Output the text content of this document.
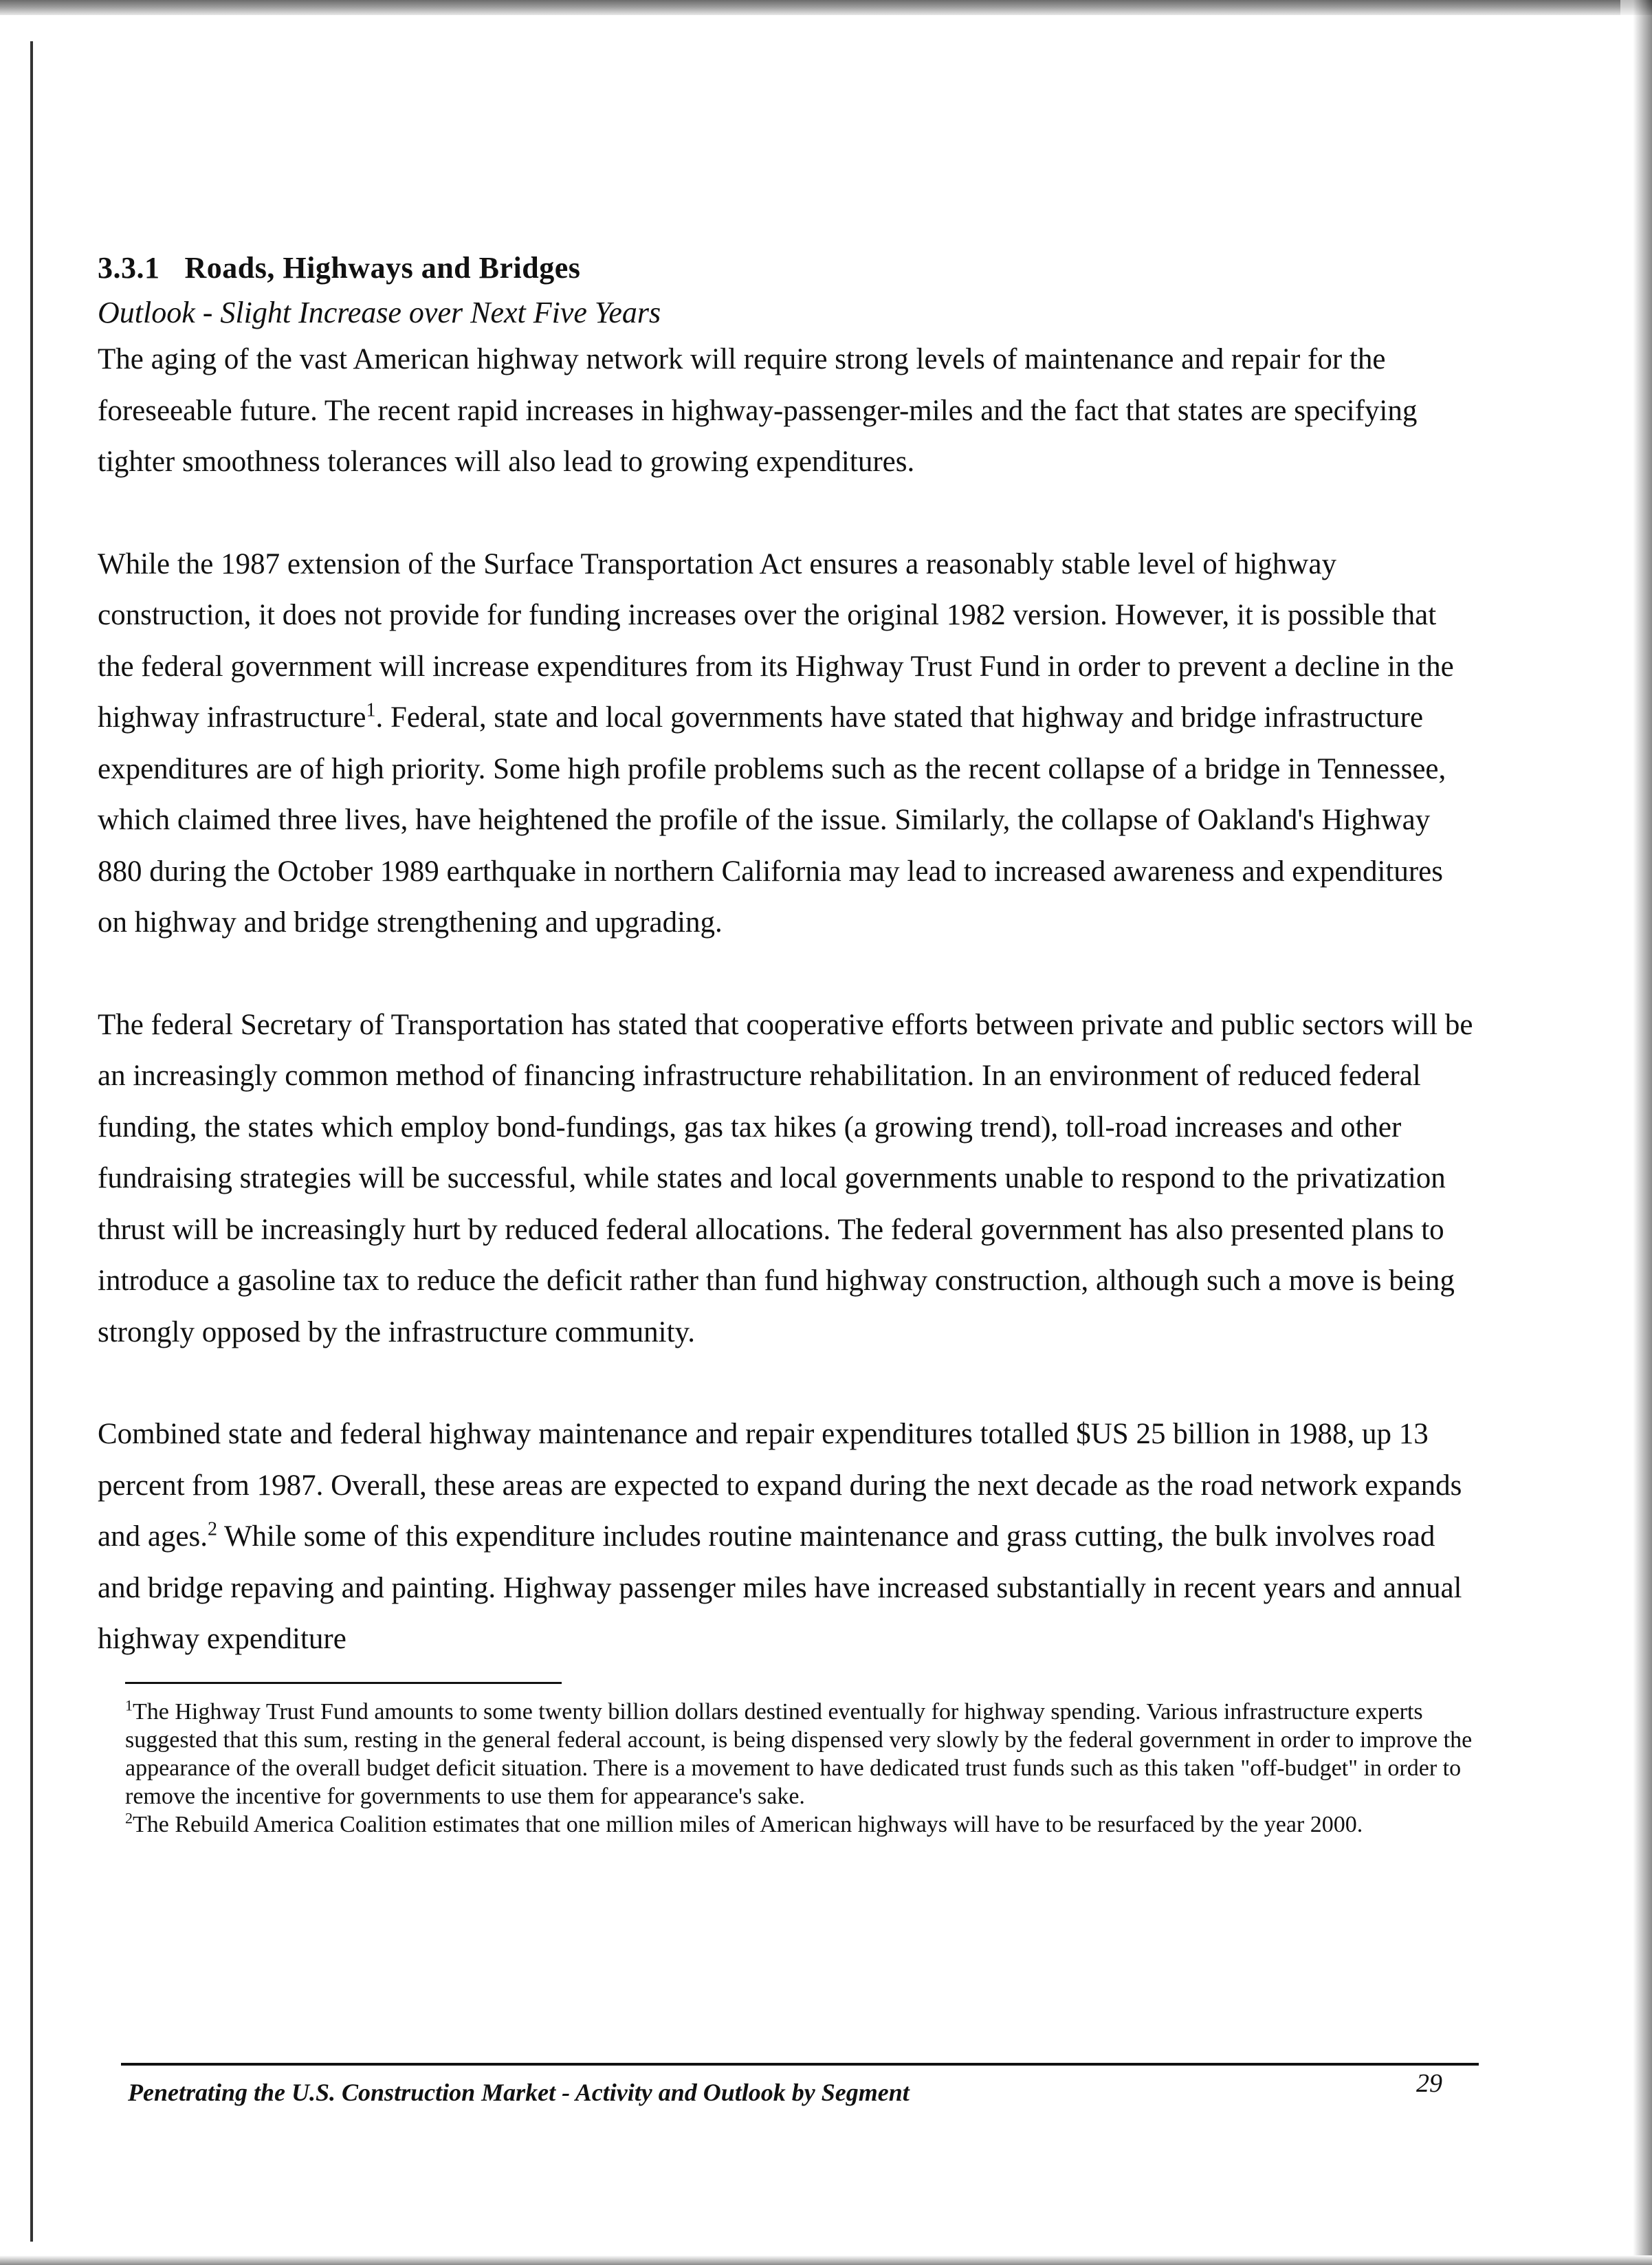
3.3.1 Roads, Highways and Bridges

Outlook - Slight Increase over Next Five Years

The aging of the vast American highway network will require strong levels of maintenance and repair for the foreseeable future. The recent rapid increases in highway-passenger-miles and the fact that states are specifying tighter smoothness tolerances will also lead to growing expenditures.

While the 1987 extension of the Surface Transportation Act ensures a reasonably stable level of highway construction, it does not provide for funding increases over the original 1982 version. However, it is possible that the federal government will increase expenditures from its Highway Trust Fund in order to prevent a decline in the highway infrastructure$^1$. Federal, state and local governments have stated that highway and bridge infrastructure expenditures are of high priority. Some high profile problems such as the recent collapse of a bridge in Tennessee, which claimed three lives, have heightened the profile of the issue. Similarly, the collapse of Oakland's Highway 880 during the October 1989 earthquake in northern California may lead to increased awareness and expenditures on highway and bridge strengthening and upgrading.

The federal Secretary of Transportation has stated that cooperative efforts between private and public sectors will be an increasingly common method of financing infrastructure rehabilitation. In an environment of reduced federal funding, the states which employ bond-fundings, gas tax hikes (a growing trend), toll-road increases and other fundraising strategies will be successful, while states and local governments unable to respond to the privatization thrust will be increasingly hurt by reduced federal allocations. The federal government has also presented plans to introduce a gasoline tax to reduce the deficit rather than fund highway construction, although such a move is being strongly opposed by the infrastructure community.

Combined state and federal highway maintenance and repair expenditures totalled $US 25 billion in 1988, up 13 percent from 1987. Overall, these areas are expected to expand during the next decade as the road network expands and ages.$^2$ While some of this expenditure includes routine maintenance and grass cutting, the bulk involves road and bridge repaving and painting. Highway passenger miles have increased substantially in recent years and annual highway expenditure

$^1$The Highway Trust Fund amounts to some twenty billion dollars destined eventually for highway spending. Various infrastructure experts suggested that this sum, resting in the general federal account, is being dispensed very slowly by the federal government in order to improve the appearance of the overall budget deficit situation. There is a movement to have dedicated trust funds such as this taken "off-budget" in order to remove the incentive for governments to use them for appearance's sake.

$^2$The Rebuild America Coalition estimates that one million miles of American highways will have to be resurfaced by the year 2000.

Penetrating the U.S. Construction Market - Activity and Outlook by Segment	29
